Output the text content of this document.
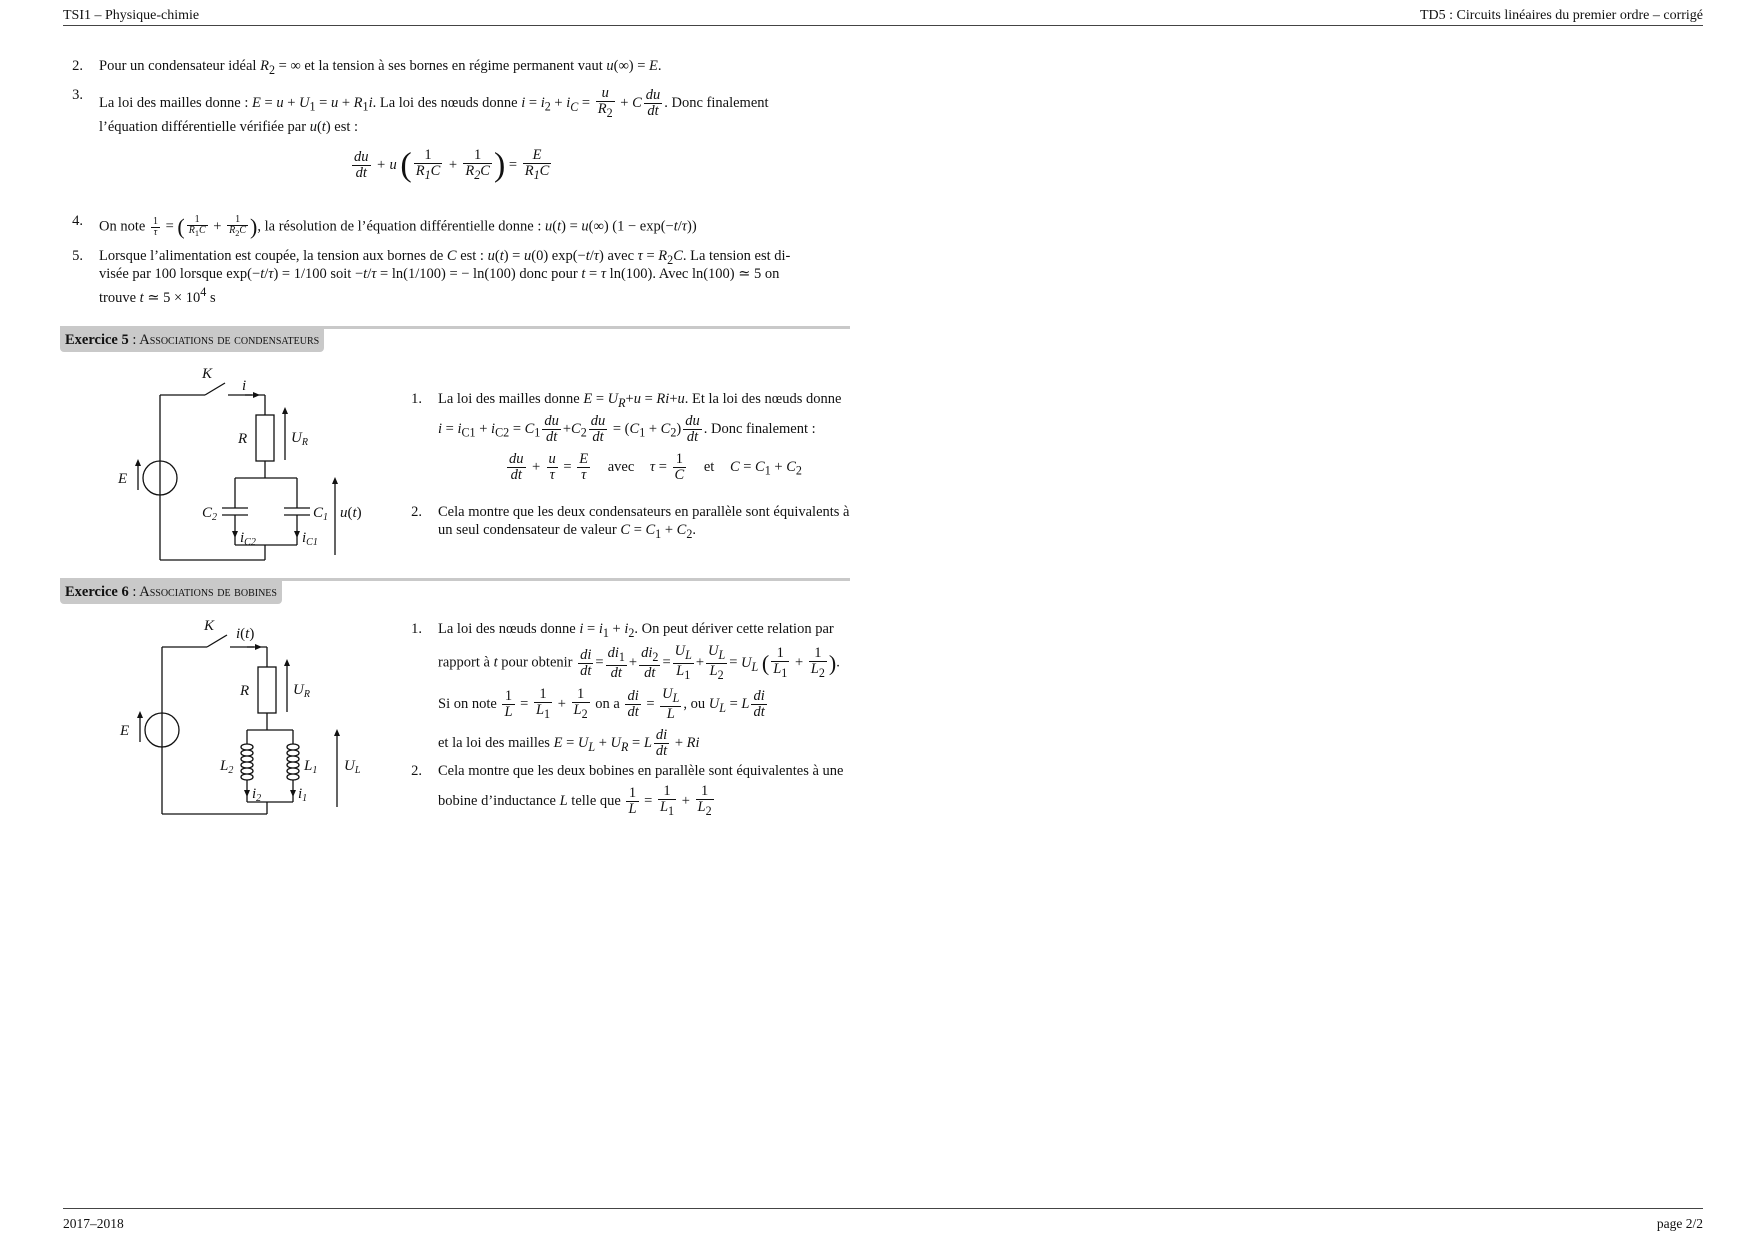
TSI1 – Physique-chimie	TD5 : Circuits linéaires du premier ordre – corrigé
2. Pour un condensateur idéal $R_2$ = ∞ et la tension à ses bornes en régime permanent vaut u(∞) = E.
3. La loi des mailles donne : $E = u + U_1 = u + R_1i$. La loi des nœuds donne $i = i_2 + i_C = \frac{u}{R_2} + C \frac{du}{dt}$ . Donc finalement
l’équation différentielle vérifiée par u(t) est :
$\frac{du}{dt} + u$ ( $\frac{1}{R_1C} + \frac{1}{R_2C}$ ) = $\frac{E}{R_1C}$
4. On note $\frac{1}{\tau}$ = ( $\frac{1}{R_1C} + \frac{1}{R_2C}$ ), la résolution de l’équation différentielle donne : u(t) = u(∞) (1 − exp(−t/τ))
5. Lorsque l’alimentation est coupée, la tension aux bornes de C est : u(t) = u(0) exp(−t/τ) avec $\tau = R_2C$. La tension est di-
visée par 100 lorsque exp(−t/τ) = 1/100 soit −t/τ = ln(1/100) = − ln(100) donc pour t = τ ln(100). Avec ln(100) ≃ 5 on
trouve t ≃ $5 \times 10^4$ s
Exercice 5 : Associations de condensateurs
K
i
R	$U_R$
E
$C_2$	$C_1$ u(t)
$i_{C2}$	$i_{C1}$
1. La loi des mailles donne $E = U_R+u = Ri+u$. Et la loi des nœuds donne
$i = i_{C1} + i_{C2} = C_1 \frac{du}{dt} +C_2 \frac{du}{dt} = (C_1 + C_2) \frac{du}{dt}$ . Donc finalement :
$\frac{du}{dt} + \frac{u}{\tau} = \frac{E}{\tau}$ avec $\tau = \frac{1}{C}$ et $C = C_1 + C_2$
2. Cela montre que les deux condensateurs en parallèle sont équivalents à
un seul condensateur de valeur $C = C_1 + C_2$.
Exercice 6 : Associations de bobines
K i(t)
R	$U_R$
E
$L_2$	$L_1$ $U_L$
$i_2$ $i_1$
1. La loi des nœuds donne $i = i_1 + i_2$. On peut dériver cette relation par
rapport à t pour obtenir $\frac{di}{dt} = \frac{di_1}{dt} + \frac{di_2}{dt} = \frac{U_L}{L_1} + \frac{U_L}{L_2} = U_L$ ( $\frac{1}{L_1} + \frac{1}{L_2}$ ).
Si on note $\frac{1}{L} = \frac{1}{L_1} + \frac{1}{L_2}$ on a $\frac{di}{dt} = \frac{U_L}{L}$ , ou $U_L = L \frac{di}{dt}$
et la loi des mailles $E = U_L + U_R = L \frac{di}{dt} + Ri$
2. Cela montre que les deux bobines en parallèle sont équivalentes à une
bobine d’inductance L telle que $\frac{1}{L} = \frac{1}{L_1} + \frac{1}{L_2}$
2017–2018	page 2/2
